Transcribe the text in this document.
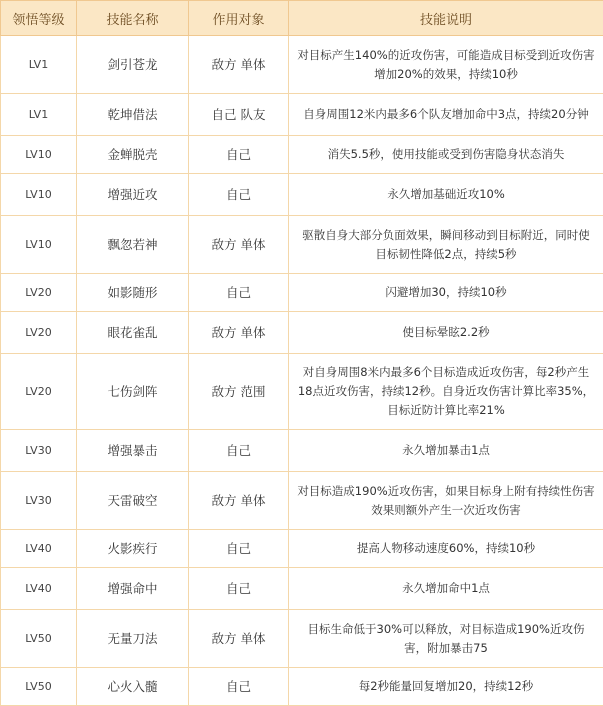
领悟等级	技能名称	作用对象	技能说明
LV1	剑引苍龙	敌方 单体	对目标产生140%的近攻伤害，可能造成目标受到近攻伤害增加20%的效果，持续10秒
LV1	乾坤借法	自己 队友	自身周围12米内最多6个队友增加命中3点，持续20分钟
LV10	金蝉脱壳	自己	消失5.5秒，使用技能或受到伤害隐身状态消失
LV10	增强近攻	自己	永久增加基础近攻10%
LV10	飘忽若神	敌方 单体	驱散自身大部分负面效果，瞬间移动到目标附近，同时使目标韧性降低2点，持续5秒
LV20	如影随形	自己	闪避增加30，持续10秒
LV20	眼花雀乱	敌方 单体	使目标晕眩2.2秒
LV20	七伤剑阵	敌方 范围	对自身周围8米内最多6个目标造成近攻伤害，每2秒产生18点近攻伤害，持续12秒。自身近攻伤害计算比率35%，目标近防计算比率21%
LV30	增强暴击	自己	永久增加暴击1点
LV30	天雷破空	敌方 单体	对目标造成190%近攻伤害，如果目标身上附有持续性伤害效果则额外产生一次近攻伤害
LV40	火影疾行	自己	提高人物移动速度60%，持续10秒
LV40	增强命中	自己	永久增加命中1点
LV50	无量刀法	敌方 单体	目标生命低于30%可以释放，对目标造成190%近攻伤害，附加暴击75
LV50	心火入髓	自己	每2秒能量回复增加20，持续12秒
